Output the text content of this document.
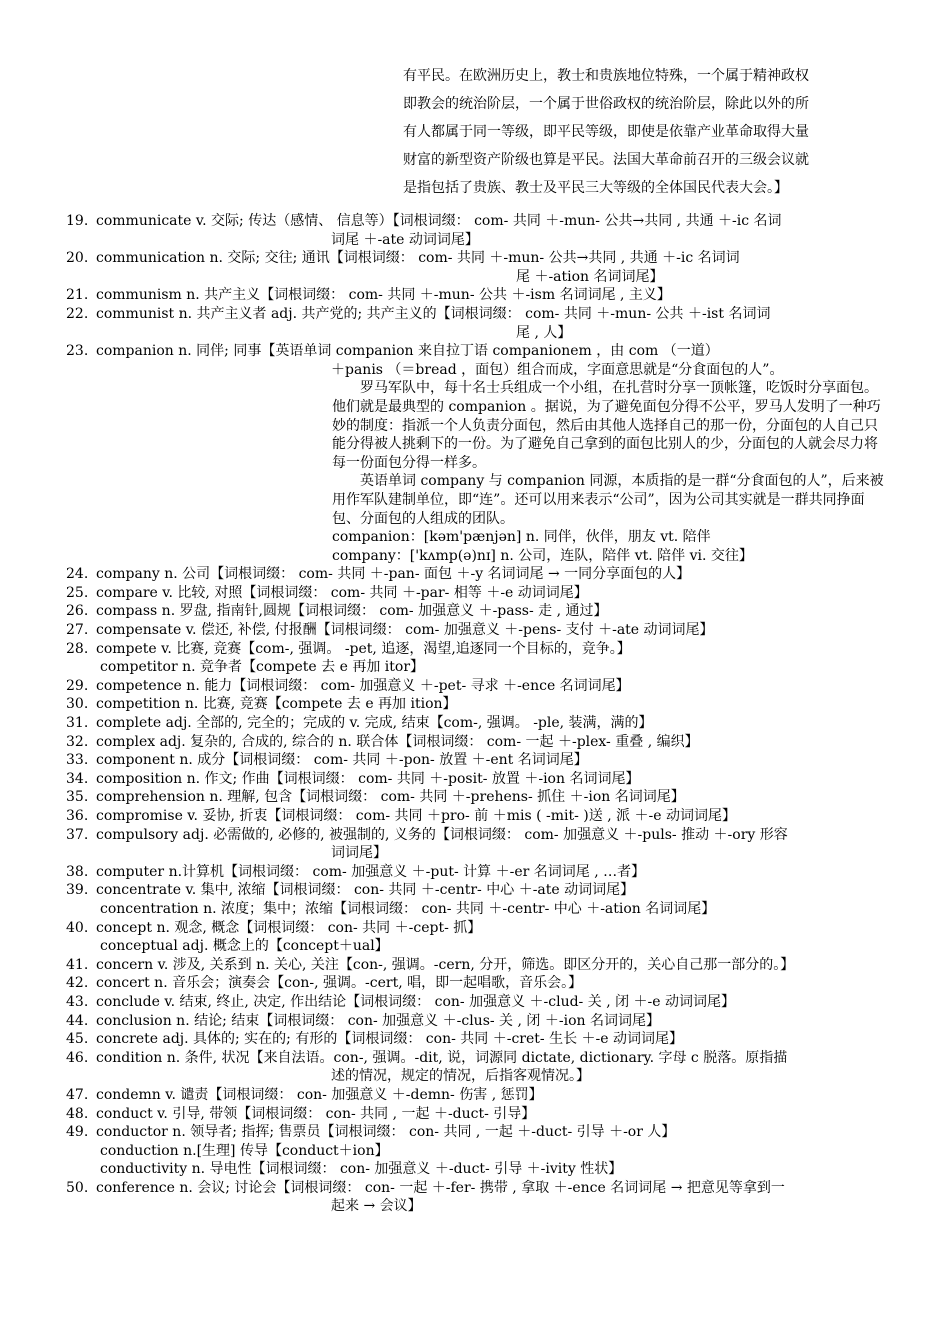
有平民。在欧洲历史上，教士和贵族地位特殊，一个属于精神政权

即教会的统治阶层，一个属于世俗政权的统治阶层，除此以外的所

有人都属于同一等级，即平民等级，即使是依靠产业革命取得大量

财富的新型资产阶级也算是平民。法国大革命前召开的三级会议就

是指包括了贵族、教士及平民三大等级的全体国民代表大会。】

19. communicate v. 交际; 传达（感情、 信息等）【词根词缀： com- 共同 ＋-mun- 公共→共同 , 共通 ＋-ic 名词
词尾 ＋-ate 动词词尾】
20. communication n. 交际; 交往; 通讯【词根词缀： com- 共同 ＋-mun- 公共→共同 , 共通 ＋-ic 名词词
尾 ＋-ation 名词词尾】
21. communism n. 共产主义【词根词缀： com- 共同 ＋-mun- 公共 ＋-ism 名词词尾 , 主义】
22. communist n. 共产主义者 adj. 共产党的; 共产主义的【词根词缀： com- 共同 ＋-mun- 公共 ＋-ist 名词词
尾 , 人】
23. companion n. 同伴; 同事【英语单词 companion 来自拉丁语 companionem ，由 com （一道）
＋panis （＝bread ，面包）组合而成，字面意思就是“分食面包的人”。

罗马军队中，每十名士兵组成一个小组，在扎营时分享一顶帐篷，吃饭时分享面包。他们就是最典型的 companion 。据说，为了避免面包分得不公平，罗马人发明了一种巧妙的制度：指派一个人负责分面包，然后由其他人选择自己的那一份，分面包的人自己只能分得被人挑剩下的一份。为了避免自己拿到的面包比别人的少，分面包的人就会尽力将每一份面包分得一样多。

英语单词 company 与 companion 同源，本质指的是一群“分食面包的人”，后来被用作军队建制单位，即“连”。还可以用来表示“公司”，因为公司其实就是一群共同挣面包、分面包的人组成的团队。

companion：[kəm'pænjən] n. 同伴，伙伴，朋友 vt. 陪伴

company：['kʌmp(ə)nɪ] n. 公司，连队，陪伴 vt. 陪伴 vi. 交往】

24. company n. 公司【词根词缀： com- 共同 ＋-pan- 面包 ＋-y 名词词尾 → 一同分享面包的人】
25. compare v. 比较, 对照【词根词缀： com- 共同 ＋-par- 相等 ＋-e 动词词尾】
26. compass n. 罗盘, 指南针,圆规【词根词缀： com- 加强意义 ＋-pass- 走 , 通过】
27. compensate v. 偿还, 补偿, 付报酬【词根词缀： com- 加强意义 ＋-pens- 支付 ＋-ate 动词词尾】
28. compete v. 比赛, 竞赛【com-, 强调。 -pet, 追逐，渴望,追逐同一个目标的，竞争。】
competitor n. 竞争者【compete 去 e 再加 itor】
29. competence n. 能力【词根词缀： com- 加强意义 ＋-pet- 寻求 ＋-ence 名词词尾】
30. competition n. 比赛, 竞赛【compete 去 e 再加 ition】
31. complete adj. 全部的, 完全的；完成的 v. 完成, 结束【com-, 强调。 -ple, 装满，满的】
32. complex adj. 复杂的, 合成的, 综合的 n. 联合体【词根词缀： com- 一起 ＋-plex- 重叠 , 编织】
33. component n. 成分【词根词缀： com- 共同 ＋-pon- 放置 ＋-ent 名词词尾】
34. composition n. 作文; 作曲【词根词缀： com- 共同 ＋-posit- 放置 ＋-ion 名词词尾】
35. comprehension n. 理解, 包含【词根词缀： com- 共同 ＋-prehens- 抓住 ＋-ion 名词词尾】
36. compromise v. 妥协, 折衷【词根词缀： com- 共同 ＋pro- 前 ＋mis ( -mit- )送 , 派 ＋-e 动词词尾】
37. compulsory adj. 必需做的, 必修的, 被强制的, 义务的【词根词缀： com- 加强意义 ＋-puls- 推动 ＋-ory 形容
词词尾】
38. computer n.计算机【词根词缀： com- 加强意义 ＋-put- 计算 ＋-er 名词词尾 , …者】
39. concentrate v. 集中, 浓缩【词根词缀： con- 共同 ＋-centr- 中心 ＋-ate 动词词尾】
concentration n. 浓度；集中；浓缩【词根词缀： con- 共同 ＋-centr- 中心 ＋-ation 名词词尾】
40. concept n. 观念, 概念【词根词缀： con- 共同 ＋-cept- 抓】
conceptual adj. 概念上的【concept＋ual】
41. concern v. 涉及, 关系到 n. 关心, 关注【con-, 强调。-cern, 分开，筛选。即区分开的，关心自己那一部分的。】
42. concert n. 音乐会；演奏会【con-, 强调。-cert, 唱，即一起唱歌，音乐会。】
43. conclude v. 结束, 终止, 决定, 作出结论【词根词缀： con- 加强意义 ＋-clud- 关 , 闭 ＋-e 动词词尾】
44. conclusion n. 结论; 结束【词根词缀： con- 加强意义 ＋-clus- 关 , 闭 ＋-ion 名词词尾】
45. concrete adj. 具体的; 实在的; 有形的【词根词缀： con- 共同 ＋-cret- 生长 ＋-e 动词词尾】
46. condition n. 条件, 状况【来自法语。con-, 强调。-dit, 说，词源同 dictate, dictionary. 字母 c 脱落。原指描
述的情况，规定的情况，后指客观情况。】
47. condemn v. 谴责【词根词缀： con- 加强意义 ＋-demn- 伤害 , 惩罚】
48. conduct v. 引导, 带领【词根词缀： con- 共同 , 一起 ＋-duct- 引导】
49. conductor n. 领导者; 指挥; 售票员【词根词缀： con- 共同 , 一起 ＋-duct- 引导 ＋-or 人】
conduction n.[生理] 传导【conduct＋ion】
conductivity n. 导电性【词根词缀： con- 加强意义 ＋-duct- 引导 ＋-ivity 性状】
50. conference n. 会议; 讨论会【词根词缀： con- 一起 ＋-fer- 携带 , 拿取 ＋-ence 名词词尾 → 把意见等拿到一
起来 → 会议】
